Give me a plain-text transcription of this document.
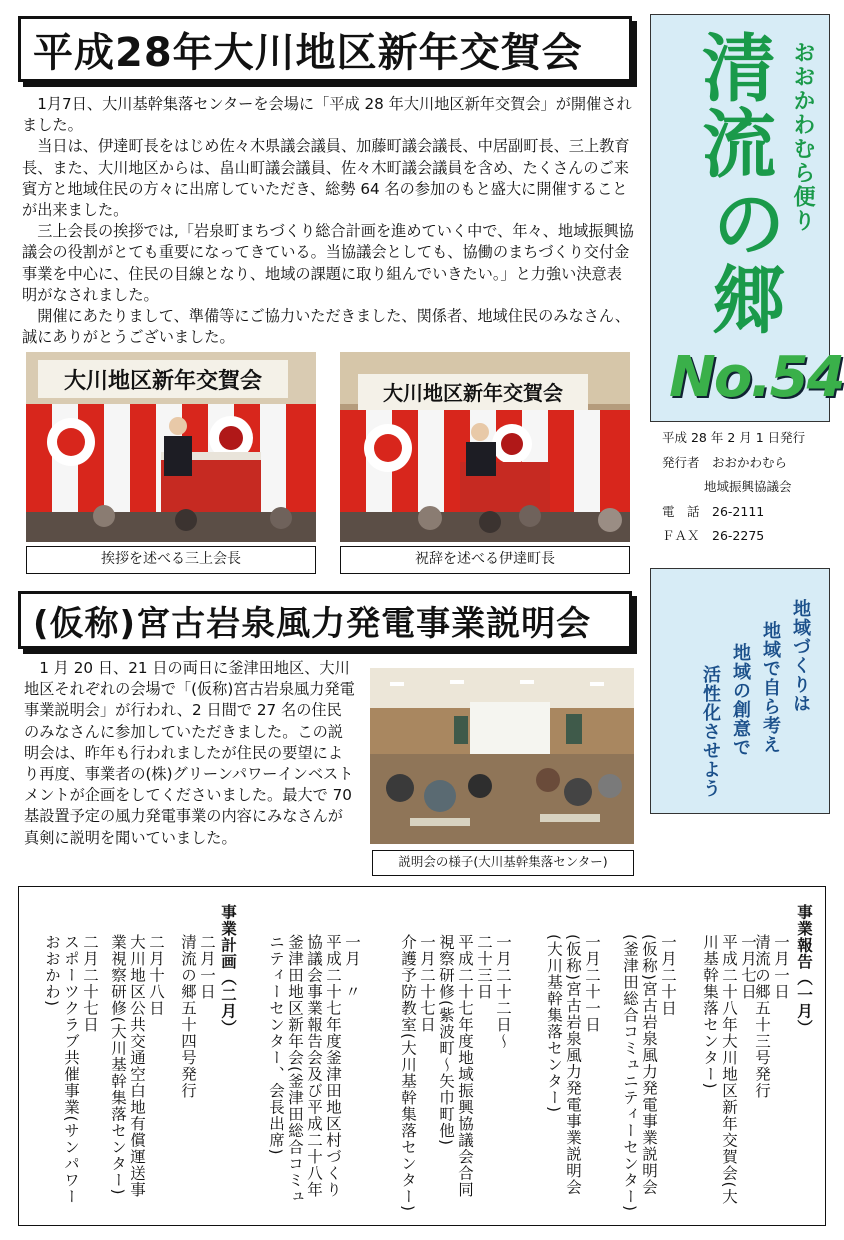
平成28年大川地区新年交賀会

1月7日、大川基幹集落センターを会場に「平成 28 年大川地区新年交賀会」が開催されました。

当日は、伊達町長をはじめ佐々木県議会議員、加藤町議会議長、中居副町長、三上教育長、また、大川地区からは、畠山町議会議員、佐々木町議会議員を含め、たくさんのご来賓方と地域住民の方々に出席していただき、総勢 64 名の参加のもと盛大に開催することが出来ました。

三上会長の挨拶では,「岩泉町まちづくり総合計画を進めていく中で、年々、地域振興協議会の役割がとても重要になってきている。当協議会としても、協働のまちづくり交付金事業を中心に、住民の目線となり、地域の課題に取り組んでいきたい。」と力強い決意表明がなされました。

開催にあたりまして、準備等にご協力いただきました、関係者、地域住民のみなさん、誠にありがとうございました。

大川地区新年交賀会
挨拶を述べる三上会長
大川地区新年交賀会
祝辞を述べる伊達町長
(仮称)宮古岩泉風力発電事業説明会

1 月 20 日、21 日の両日に釜津田地区、大川地区それぞれの会場で「(仮称)宮古岩泉風力発電事業説明会」が行われ、2 日間で 27 名の住民のみなさんに参加していただきました。この説明会は、昨年も行われましたが住民の要望により再度、事業者の(株)グリーンパワーインベストメントが企画をしてくださいました。最大で 70 基設置予定の風力発電事業の内容にみなさんが真剣に説明を聞いていました。

説明会の様子(大川基幹集落センター)
清流
の郷
おおかわむら便り
No.54
平成 28 年 2 月 1 日発行
発行者　おおかわむら
地域振興協議会
電　話　26-2111
ＦＡＸ　26-2275
地域づくりは
地域で自ら考え
地域の創意で
活性化させよう
事業報告（一月）
一月一日
清流の郷五十三号発行
一月七日
平成二十八年大川地区新年交賀会(大川基幹集落センター)
一月二十日
(仮称)宮古岩泉風力発電事業説明会(釜津田総合コミュニティーセンター)
一月二十一日
(仮称)宮古岩泉風力発電事業説明会(大川基幹集落センター)
一月二十二日～二十三日
平成二十七年度地域振興協議会合同視察研修(紫波町～矢巾町他)
一月二十七日
介護予防教室(大川基幹集落センター)
一月　〃
平成二十七年度釜津田地区村づくり協議会事業報告会及び平成二十八年釜津田地区新年会(釜津田総合コミュニティーセンター、会長出席)
事業計画（二月）
二月一日
清流の郷五十四号発行
二月十八日
大川地区公共交通空白地有償運送事業視察研修(大川基幹集落センター)
二月二十七日
スポーツクラブ共催事業(サンパワーおおかわ)
